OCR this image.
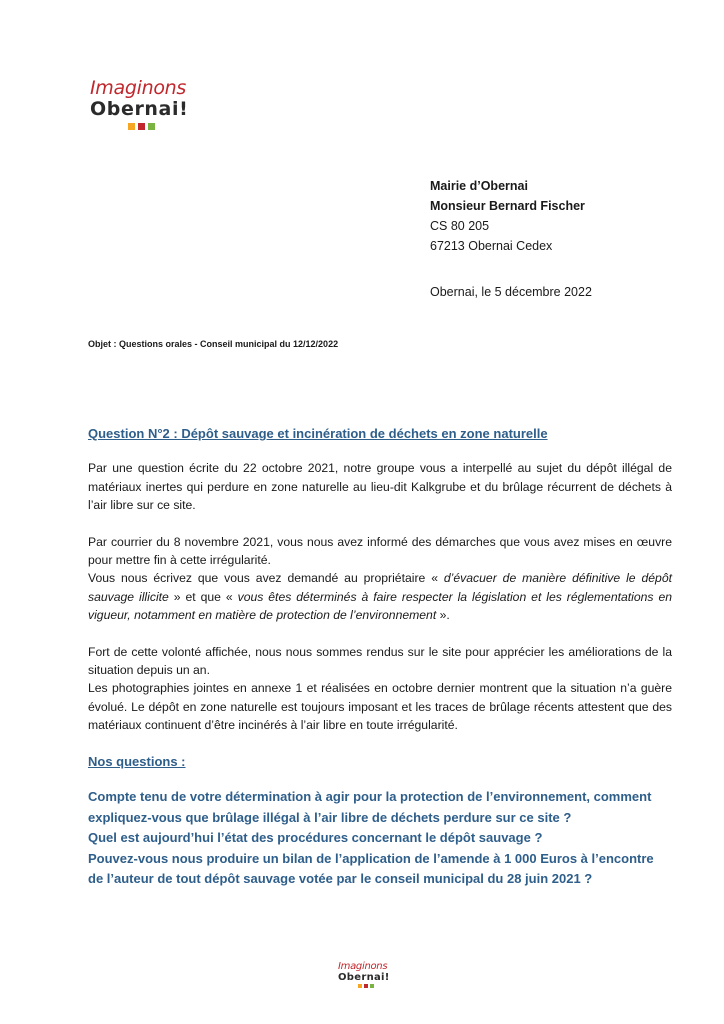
Imaginons
Obernai!
Mairie d’Obernai
Monsieur Bernard Fischer
CS 80 205
67213 Obernai Cedex
Obernai, le 5 décembre 2022
Objet : Questions orales - Conseil municipal du 12/12/2022
Question N°2 : Dépôt sauvage et incinération de déchets en zone naturelle

Par une question écrite du 22 octobre 2021, notre groupe vous a interpellé au sujet du dépôt illégal de matériaux inertes qui perdure en zone naturelle au lieu-dit Kalkgrube et du brûlage récurrent de déchets à l’air libre sur ce site.

Par courrier du 8 novembre 2021, vous nous avez informé des démarches que vous avez mises en œuvre pour mettre fin à cette irrégularité.

Vous nous écrivez que vous avez demandé au propriétaire « d’évacuer de manière définitive le dépôt sauvage illicite » et que « vous êtes déterminés à faire respecter la législation et les réglementations en vigueur, notamment en matière de protection de l’environnement ».

Fort de cette volonté affichée, nous nous sommes rendus sur le site pour apprécier les améliorations de la situation depuis un an.

Les photographies jointes en annexe 1 et réalisées en octobre dernier montrent que la situation n’a guère évolué. Le dépôt en zone naturelle est toujours imposant et les traces de brûlage récents attestent que des matériaux continuent d’être incinérés à l’air libre en toute irrégularité.

Nos questions :

Compte tenu de votre détermination à agir pour la protection de l’environnement, comment expliquez-vous que brûlage illégal à l’air libre de déchets perdure sur ce site ?

Quel est aujourd’hui l’état des procédures concernant le dépôt sauvage ?

Pouvez-vous nous produire un bilan de l’application de l’amende à 1 000 Euros à l’encontre de l’auteur de tout dépôt sauvage votée par le conseil municipal du 28 juin 2021 ?

Imaginons
Obernai!
